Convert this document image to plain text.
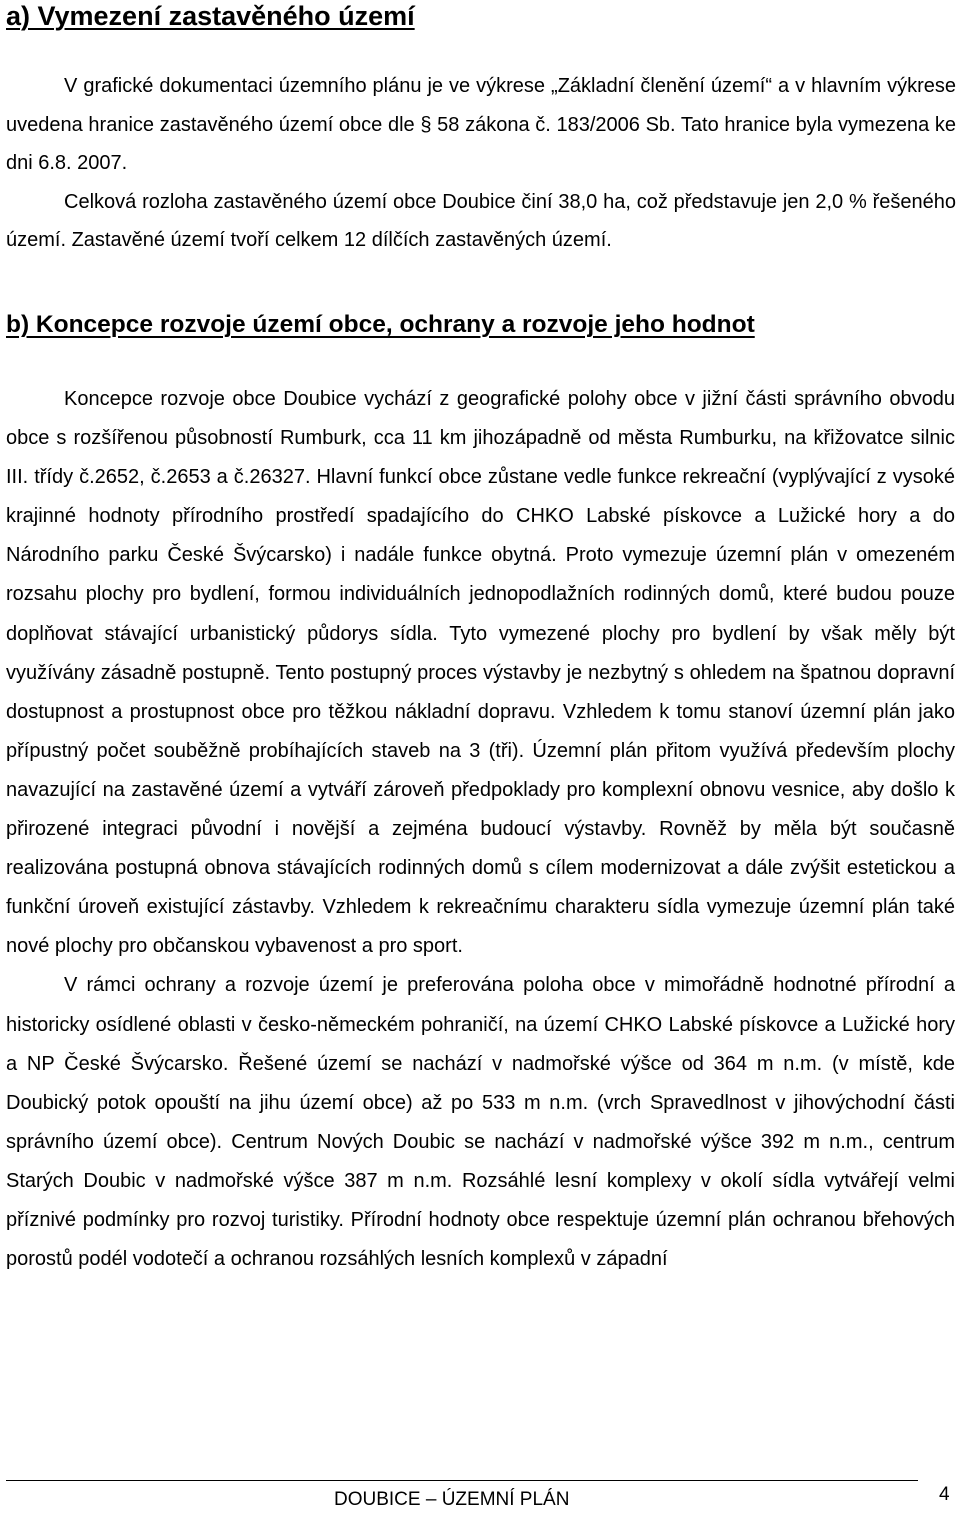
a) Vymezení zastavěného území

V grafické dokumentaci územního plánu je ve výkrese „Základní členění území“ a v hlavním výkrese uvedena hranice zastavěného území obce dle § 58 zákona č. 183/2006 Sb. Tato hranice byla vymezena ke dni 6.8. 2007.

Celková rozloha zastavěného území obce Doubice činí 38,0 ha, což představuje jen 2,0 % řešeného území. Zastavěné území tvoří celkem 12 dílčích zastavěných území.

b) Koncepce rozvoje území obce, ochrany a rozvoje jeho hodnot

Koncepce rozvoje obce Doubice vychází z geografické polohy obce v jižní části správního obvodu obce s rozšířenou působností Rumburk, cca 11 km jihozápadně od města Rumburku, na křižovatce silnic III. třídy č.2652, č.2653 a č.26327. Hlavní funkcí obce zůstane vedle funkce rekreační (vyplývající z vysoké krajinné hodnoty přírodního prostředí spadajícího do CHKO Labské pískovce a Lužické hory a do Národního parku České Švýcarsko) i nadále funkce obytná. Proto vymezuje územní plán v omezeném rozsahu plochy pro bydlení, formou individuálních jednopodlažních rodinných domů, které budou pouze doplňovat stávající urbanistický půdorys sídla. Tyto vymezené plochy pro bydlení by však měly být využívány zásadně postupně. Tento postupný proces výstavby je nezbytný s ohledem na špatnou dopravní dostupnost a prostupnost obce pro těžkou nákladní dopravu. Vzhledem k tomu stanoví územní plán jako přípustný počet souběžně probíhajících staveb na 3 (tři). Územní plán přitom využívá především plochy navazující na zastavěné území a vytváří zároveň předpoklady pro komplexní obnovu vesnice, aby došlo k přirozené integraci původní i novější a zejména budoucí výstavby. Rovněž by měla být současně realizována postupná obnova stávajících rodinných domů s cílem modernizovat a dále zvýšit estetickou a funkční úroveň existující zástavby. Vzhledem k rekreačnímu charakteru sídla vymezuje územní plán také nové plochy pro občanskou vybavenost a pro sport.

V rámci ochrany a rozvoje území je preferována poloha obce v mimořádně hodnotné přírodní a historicky osídlené oblasti v česko-německém pohraničí, na území CHKO Labské pískovce a Lužické hory a NP České Švýcarsko. Řešené území se nachází v nadmořské výšce od 364 m n.m. (v místě, kde Doubický potok opouští na jihu území obce) až po 533 m n.m. (vrch Spravedlnost v jihovýchodní části správního území obce). Centrum Nových Doubic se nachází v nadmořské výšce 392 m n.m., centrum Starých Doubic v nadmořské výšce 387 m n.m. Rozsáhlé lesní komplexy v okolí sídla vytvářejí velmi příznivé podmínky pro rozvoj turistiky. Přírodní hodnoty obce respektuje územní plán ochranou břehových porostů podél vodotečí a ochranou rozsáhlých lesních komplexů v západní

DOUBICE – ÚZEMNÍ PLÁN	4
